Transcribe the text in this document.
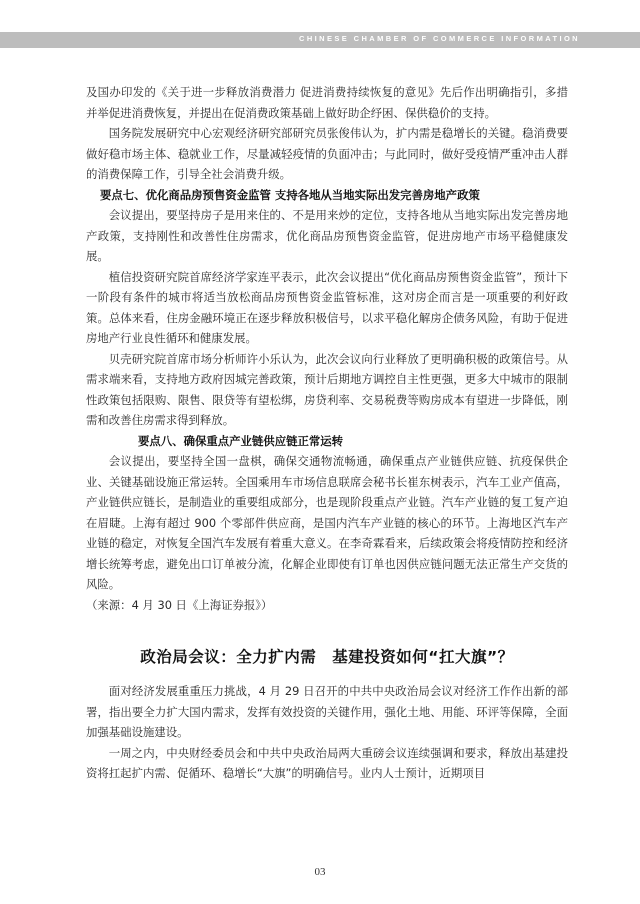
CHINESE CHAMBER OF COMMERCE INFORMATION

及国办印发的《关于进一步释放消费潜力 促进消费持续恢复的意见》先后作出明确指引，多措并举促进消费恢复，并提出在促消费政策基础上做好助企纾困、保供稳价的支持。

国务院发展研究中心宏观经济研究部研究员张俊伟认为，扩内需是稳增长的关键。稳消费要做好稳市场主体、稳就业工作，尽量减轻疫情的负面冲击；与此同时，做好受疫情严重冲击人群的消费保障工作，引导全社会消费升级。

要点七、优化商品房预售资金监管 支持各地从当地实际出发完善房地产政策

会议提出，要坚持房子是用来住的、不是用来炒的定位，支持各地从当地实际出发完善房地产政策，支持刚性和改善性住房需求，优化商品房预售资金监管，促进房地产市场平稳健康发展。

植信投资研究院首席经济学家连平表示，此次会议提出“优化商品房预售资金监管”，预计下一阶段有条件的城市将适当放松商品房预售资金监管标准，这对房企而言是一项重要的利好政策。总体来看，住房金融环境正在逐步释放积极信号，以求平稳化解房企债务风险，有助于促进房地产行业良性循环和健康发展。

贝壳研究院首席市场分析师许小乐认为，此次会议向行业释放了更明确积极的政策信号。从需求端来看，支持地方政府因城完善政策，预计后期地方调控自主性更强，更多大中城市的限制性政策包括限购、限售、限贷等有望松绑，房贷利率、交易税费等购房成本有望进一步降低，刚需和改善住房需求得到释放。

要点八、确保重点产业链供应链正常运转

会议提出，要坚持全国一盘棋，确保交通物流畅通，确保重点产业链供应链、抗疫保供企业、关键基础设施正常运转。全国乘用车市场信息联席会秘书长崔东树表示，汽车工业产值高，产业链供应链长，是制造业的重要组成部分，也是现阶段重点产业链。汽车产业链的复工复产迫在眉睫。上海有超过 900 个零部件供应商，是国内汽车产业链的核心的环节。上海地区汽车产业链的稳定，对恢复全国汽车发展有着重大意义。在李奇霖看来，后续政策会将疫情防控和经济增长统筹考虑，避免出口订单被分流，化解企业即使有订单也因供应链问题无法正常生产交货的风险。

（来源：4 月 30 日《上海证券报》）

政治局会议：全力扩内需　基建投资如何“扛大旗”？

面对经济发展重重压力挑战，4 月 29 日召开的中共中央政治局会议对经济工作作出新的部署，指出要全力扩大国内需求，发挥有效投资的关键作用，强化土地、用能、环评等保障，全面加强基础设施建设。

一周之内，中央财经委员会和中共中央政治局两大重磅会议连续强调和要求，释放出基建投资将扛起扩内需、促循环、稳增长“大旗”的明确信号。业内人士预计，近期项目

03
